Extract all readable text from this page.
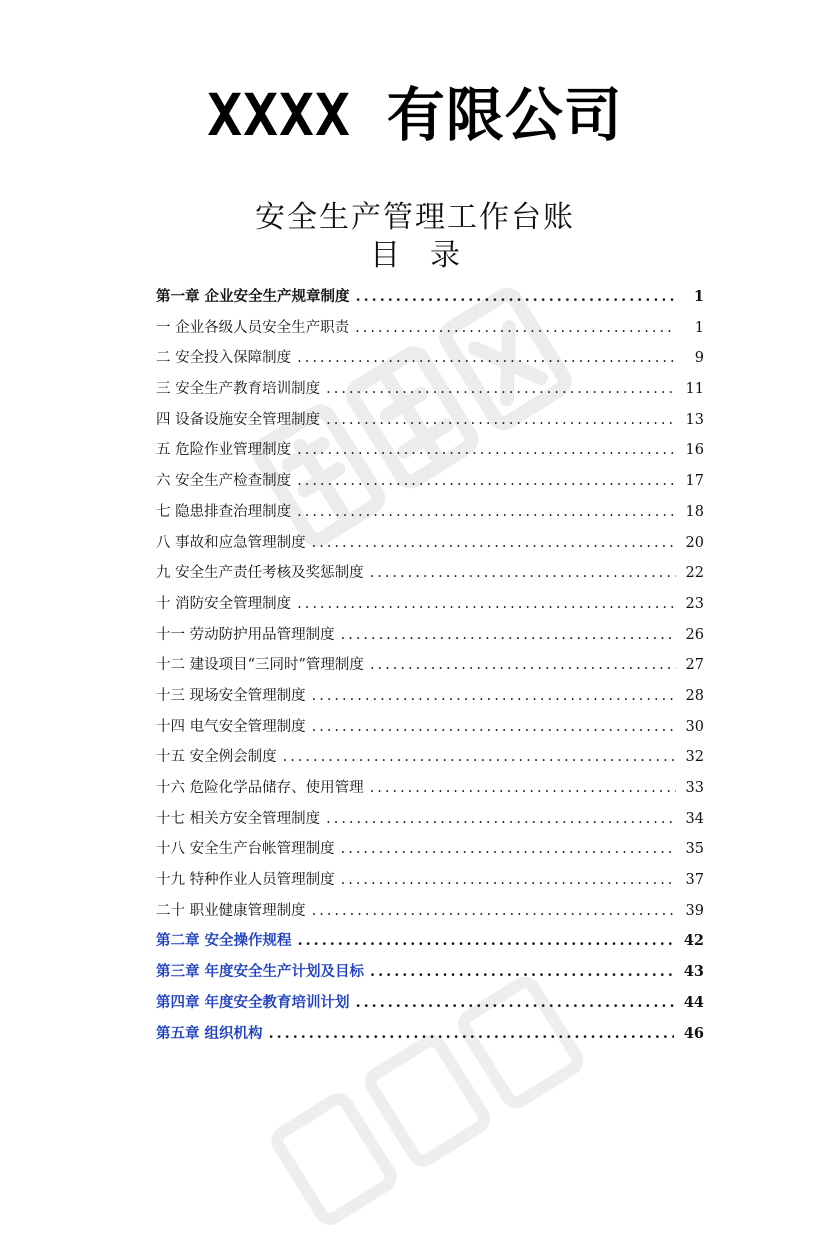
XXXX 有限公司
安全生产管理工作台账
目　录
第一章 企业安全生产规章制度 .....	1
一 企业各级人员安全生产职责 .....	1
二 安全投入保障制度 .....	9
三 安全生产教育培训制度 .....	11
四 设备设施安全管理制度 .....	13
五 危险作业管理制度 .....	16
六 安全生产检查制度 .....	17
七 隐患排查治理制度 .....	18
八 事故和应急管理制度 .....	20
九 安全生产责任考核及奖惩制度 .....	22
十 消防安全管理制度 .....	23
十一 劳动防护用品管理制度 .....	26
十二 建设项目“三同时”管理制度 .....	27
十三 现场安全管理制度 .....	28
十四 电气安全管理制度 .....	30
十五 安全例会制度 .....	32
十六 危险化学品储存、使用管理 .....	33
十七 相关方安全管理制度 .....	34
十八 安全生产台帐管理制度 .....	35
十九 特种作业人员管理制度 .....	37
二十 职业健康管理制度 .....	39
第二章 安全操作规程 .....	42
第三章 年度安全生产计划及目标 .....	43
第四章 年度安全教育培训计划 .....	44
第五章 组织机构 .....	46
